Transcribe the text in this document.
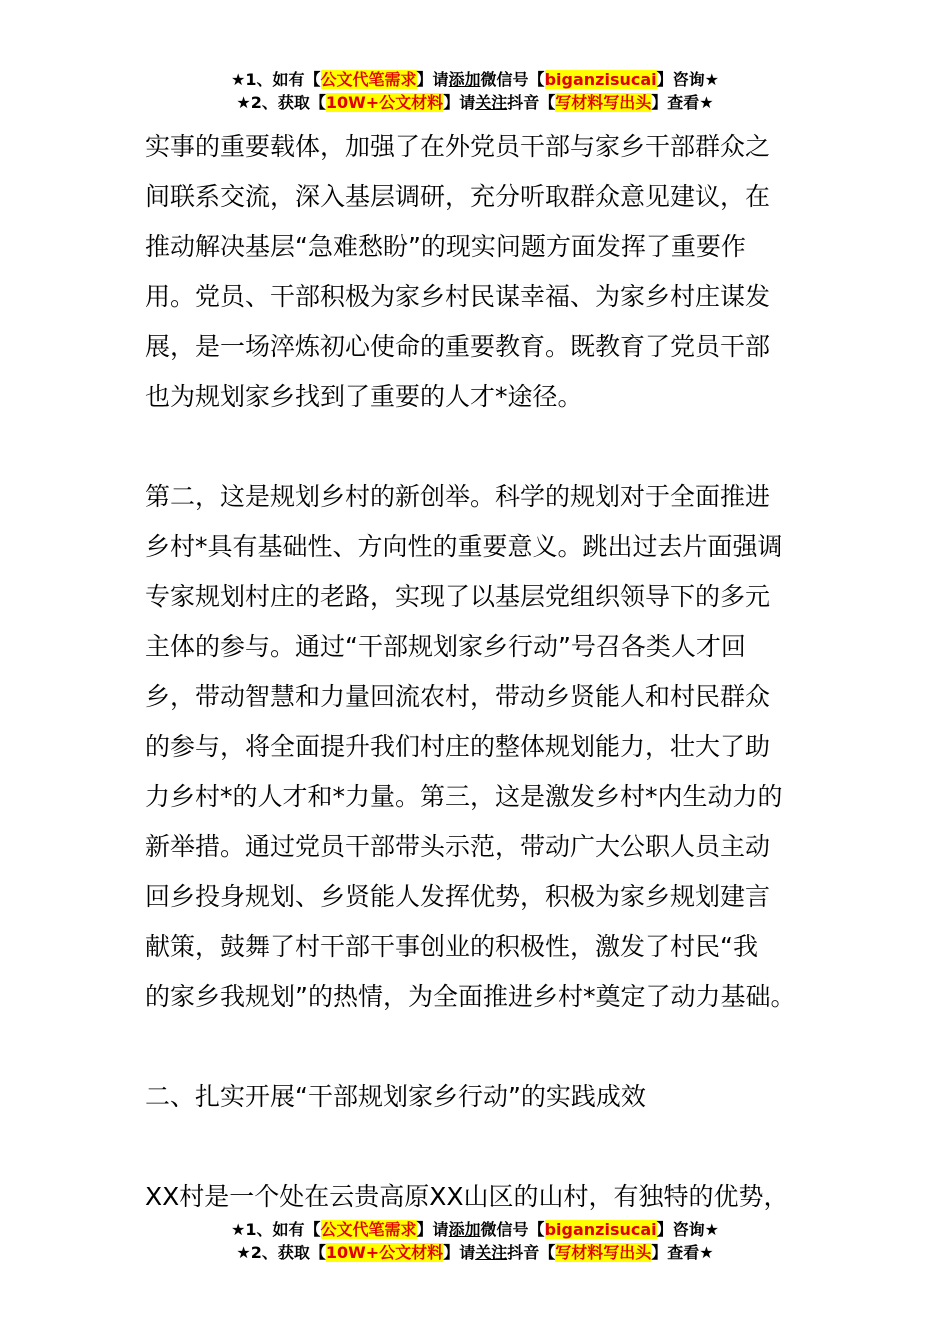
★1、如有【公文代笔需求】请添加微信号【biganzisucai】咨询★
★2、获取【10W+公文材料】请关注抖音【写材料写出头】查看★
实事的重要载体，加强了在外党员干部与家乡干部群众之
间联系交流，深入基层调研，充分听取群众意见建议，在
推动解决基层“急难愁盼”的现实问题方面发挥了重要作
用。党员、干部积极为家乡村民谋幸福、为家乡村庄谋发
展，是一场淬炼初心使命的重要教育。既教育了党员干部
也为规划家乡找到了重要的人才*途径。
第二，这是规划乡村的新创举。科学的规划对于全面推进
乡村*具有基础性、方向性的重要意义。跳出过去片面强调
专家规划村庄的老路，实现了以基层党组织领导下的多元
主体的参与。通过“干部规划家乡行动”号召各类人才回
乡，带动智慧和力量回流农村，带动乡贤能人和村民群众
的参与，将全面提升我们村庄的整体规划能力，壮大了助
力乡村*的人才和*力量。第三，这是激发乡村*内生动力的
新举措。通过党员干部带头示范，带动广大公职人员主动
回乡投身规划、乡贤能人发挥优势，积极为家乡规划建言
献策，鼓舞了村干部干事创业的积极性，激发了村民“我
的家乡我规划”的热情，为全面推进乡村*奠定了动力基础。
二、扎实开展“干部规划家乡行动”的实践成效
XX村是一个处在云贵高原XX山区的山村，有独特的优势，
★1、如有【公文代笔需求】请添加微信号【biganzisucai】咨询★
★2、获取【10W+公文材料】请关注抖音【写材料写出头】查看★
